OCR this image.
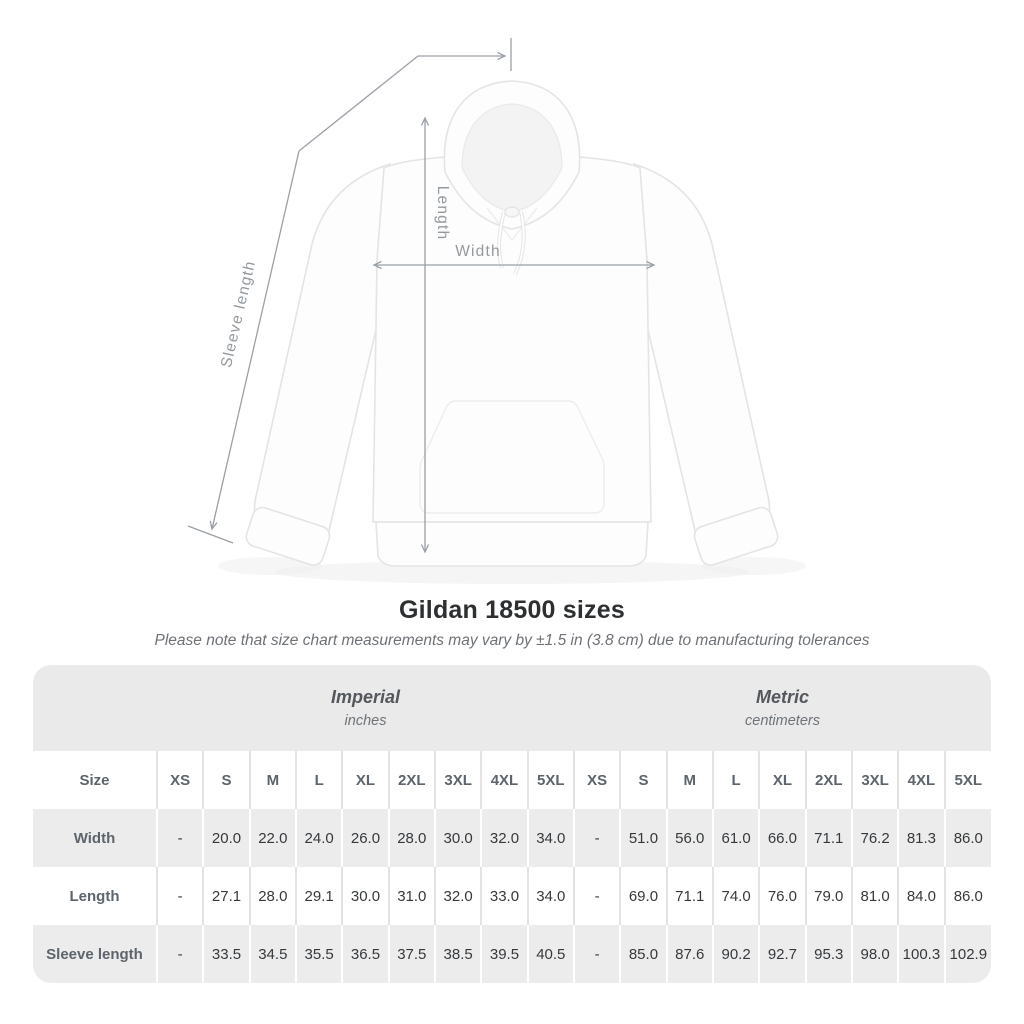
Sleeve length
Length
Width
Gildan 18500 sizes

Please note that size chart measurements may vary by ±1.5 in (3.8 cm) due to manufacturing tolerances

Imperial
inches
Metric
centimeters
Size	XS	S	M	L	XL	2XL	3XL	4XL	5XL	XS	S	M	L	XL	2XL	3XL	4XL	5XL
Width	-	20.0	22.0	24.0	26.0	28.0	30.0	32.0	34.0	-	51.0	56.0	61.0	66.0	71.1	76.2	81.3	86.0
Length	-	27.1	28.0	29.1	30.0	31.0	32.0	33.0	34.0	-	69.0	71.1	74.0	76.0	79.0	81.0	84.0	86.0
Sleeve length	-	33.5	34.5	35.5	36.5	37.5	38.5	39.5	40.5	-	85.0	87.6	90.2	92.7	95.3	98.0	100.3	102.9
